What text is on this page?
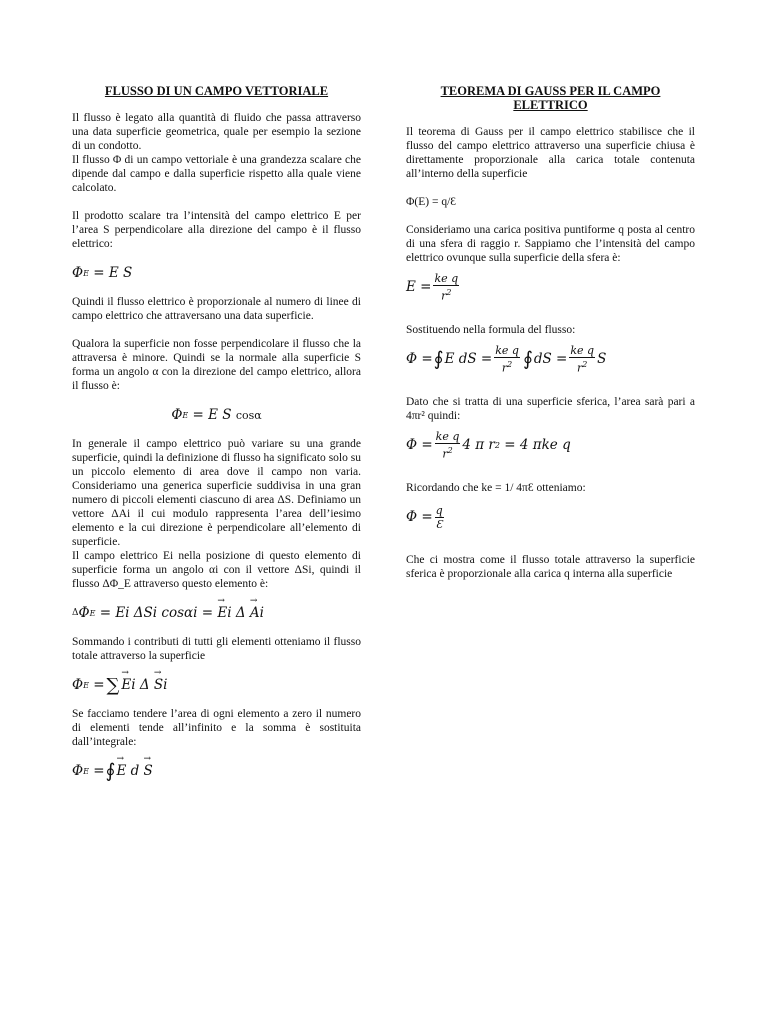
FLUSSO DI UN CAMPO VETTORIALE

Il flusso è legato alla quantità di fluido che passa attraverso una data superficie geometrica, quale per esempio la sezione di un condotto.

Il flusso Φ di un campo vettoriale è una grandezza scalare che dipende dal campo e dalla superficie rispetto alla quale viene calcolato.

Il prodotto scalare tra l’intensità del campo elettrico E per l’area S perpendicolare alla direzione del campo è il flusso elettrico:

Φ E = E S

Quindi il flusso elettrico è proporzionale al numero di linee di campo elettrico che attraversano una data superficie.

Qualora la superficie non fosse perpendicolare il flusso che la attraversa è minore. Quindi se la normale alla superficie S forma un angolo α con la direzione del campo elettrico, allora il flusso è:

Φ E = E S cosα

In generale il campo elettrico può variare su una grande superficie, quindi la definizione di flusso ha significato solo su un piccolo elemento di area dove il campo non varia. Consideriamo una generica superficie suddivisa in una gran numero di piccoli elementi ciascuno di area ΔS. Definiamo un vettore ΔAi il cui modulo rappresenta l’area dell’iesimo elemento e la cui direzione è perpendicolare all’elemento di superficie.

Il campo elettrico Ei nella posizione di questo elemento di superficie forma un angolo αi con il vettore ΔSi, quindi il flusso ΔΦ_E attraverso questo elemento è:

Δ Φ E = Ei ΔSi cosαi = → Ei Δ → Ai

Sommando i contributi di tutti gli elementi otteniamo il flusso totale attraverso la superficie

Φ E = ∑ → Ei Δ → Si

Se facciamo tendere l’area di ogni elemento a zero il numero di elementi tende all’infinito e la somma è sostituita dall’integrale:

Φ E = ∮ → E d → S
TEOREMA DI GAUSS PER IL CAMPO ELETTRICO

Il teorema di Gauss per il campo elettrico stabilisce che il flusso del campo elettrico attraverso una superficie chiusa è direttamente proporzionale alla carica totale contenuta all’interno della superficie

Φ(E) = q/Ɛ

Consideriamo una carica positiva puntiforme q posta al centro di una sfera di raggio r. Sappiamo che l’intensità del campo elettrico ovunque sulla superficie della sfera è:

$E = \frac{\text{ke q}}{r^2}$

Sostituendo nella formula del flusso:

Φ = ∮ E dS = $\frac{\text{ke q}}{r^2}$ ∮ dS = $\frac{\text{ke q}}{r^2}$ S

Dato che si tratta di una superficie sferica, l’area sarà pari a 4πr² quindi:

$\Phi = \frac{\text{ke q}}{r^2} 4$ π r 2 = 4 πke q

Ricordando che ke = 1/ 4πƐ otteniamo:

$\Phi = \frac{q}{Ɛ}$

Che ci mostra come il flusso totale attraverso la superficie sferica è proporzionale alla carica q interna alla superficie
